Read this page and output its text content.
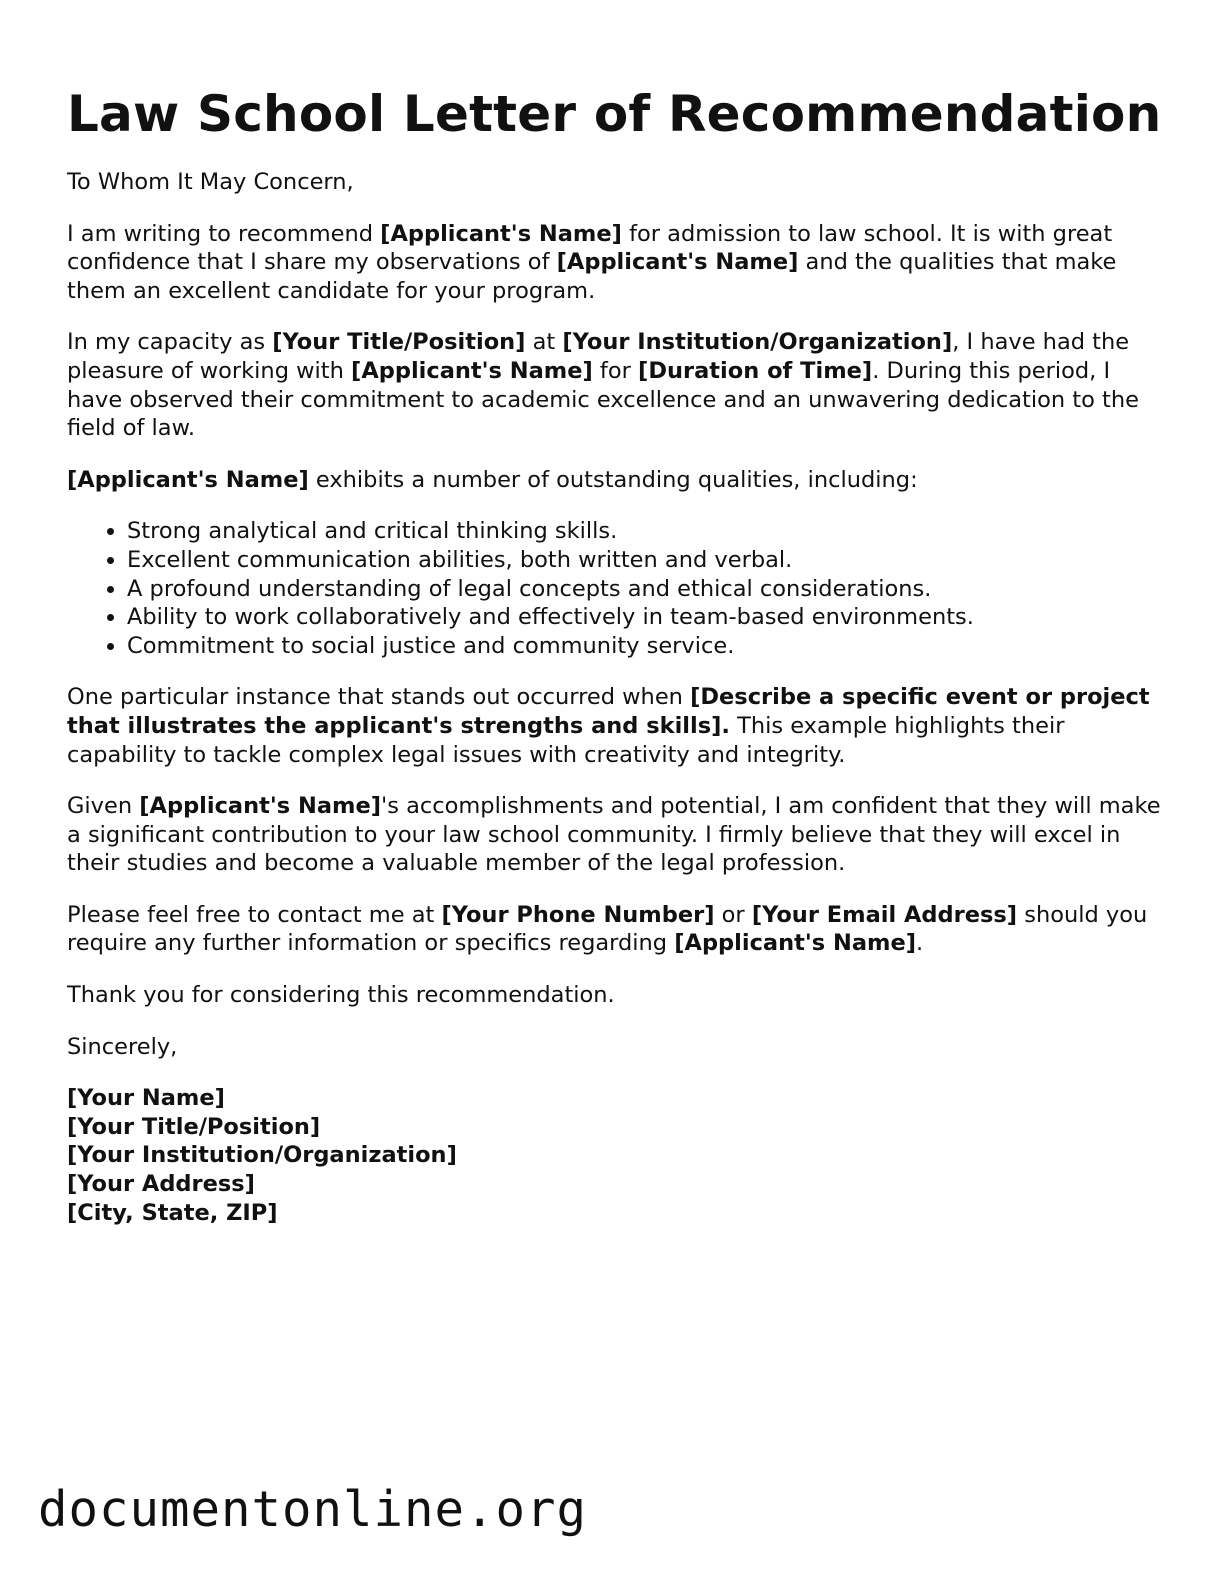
Law School Letter of Recommendation

To Whom It May Concern,

I am writing to recommend [Applicant's Name] for admission to law school. It is with great confidence that I share my observations of [Applicant's Name] and the qualities that make them an excellent candidate for your program.

In my capacity as [Your Title/Position] at [Your Institution/Organization], I have had the pleasure of working with [Applicant's Name] for [Duration of Time]. During this period, I have observed their commitment to academic excellence and an unwavering dedication to the field of law.

[Applicant's Name] exhibits a number of outstanding qualities, including:

• Strong analytical and critical thinking skills.
• Excellent communication abilities, both written and verbal.
• A profound understanding of legal concepts and ethical considerations.
• Ability to work collaboratively and effectively in team-based environments.
• Commitment to social justice and community service.

One particular instance that stands out occurred when [Describe a specific event or project that illustrates the applicant's strengths and skills]. This example highlights their capability to tackle complex legal issues with creativity and integrity.

Given [Applicant's Name]'s accomplishments and potential, I am confident that they will make a significant contribution to your law school community. I firmly believe that they will excel in their studies and become a valuable member of the legal profession.

Please feel free to contact me at [Your Phone Number] or [Your Email Address] should you require any further information or specifics regarding [Applicant's Name].

Thank you for considering this recommendation.

Sincerely,

[Your Name]
[Your Title/Position]
[Your Institution/Organization]
[Your Address]
[City, State, ZIP]
documentonline.org
